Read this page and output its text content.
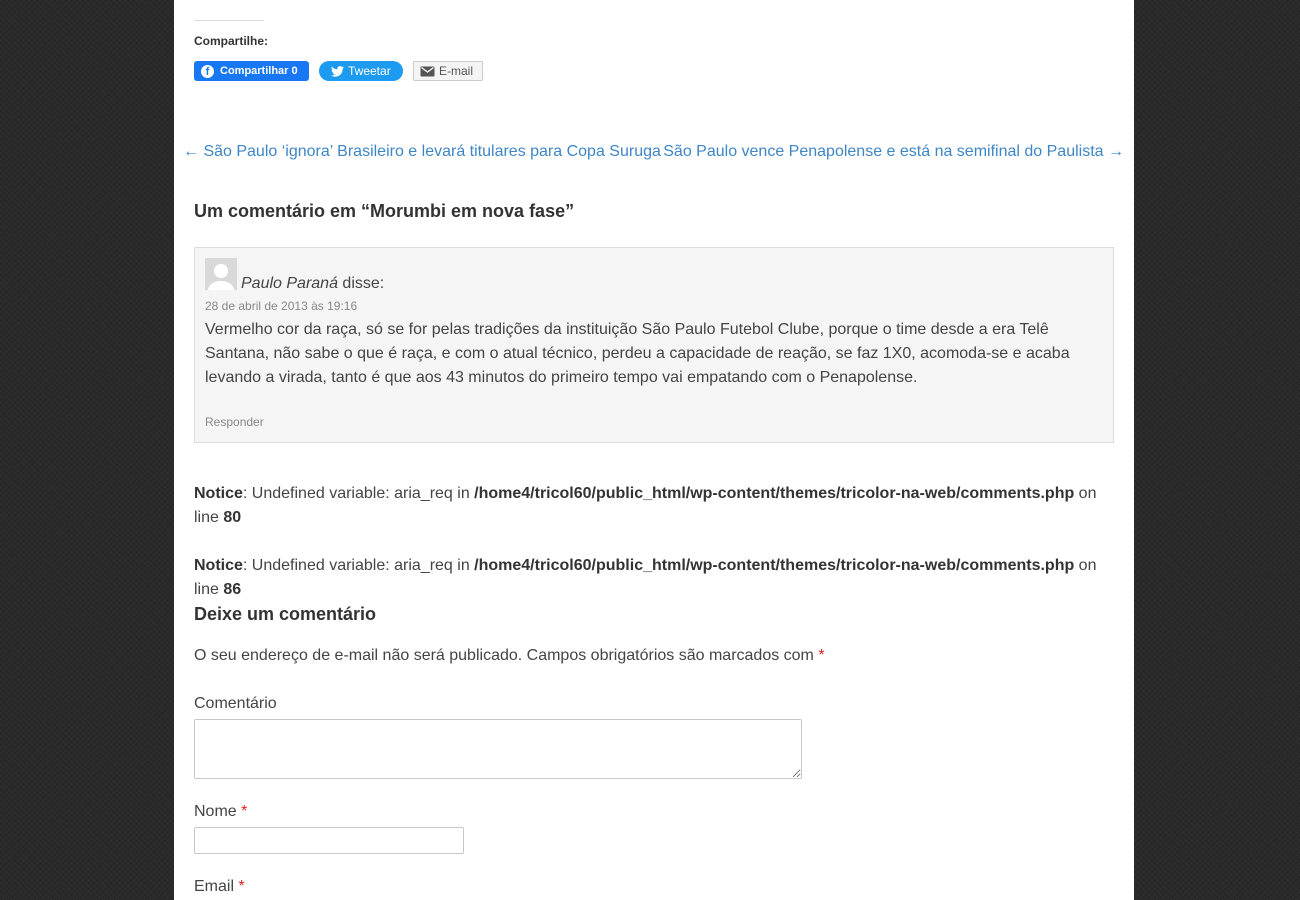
Compartilhe:
f Compartilhar 0	Tweetar	E-mail
← São Paulo ‘ignora’ Brasileiro e levará titulares para Copa Suruga São Paulo vence Penapolense e está na semifinal do Paulista →
Um comentário em “Morumbi em nova fase”
Paulo Paraná disse:
28 de abril de 2013 às 19:16

Vermelho cor da raça, só se for pelas tradições da instituição São Paulo Futebol Clube, porque o time desde a era Telê Santana, não sabe o que é raça, e com o atual técnico, perdeu a capacidade de reação, se faz 1X0, acomoda-se e acaba levando a virada, tanto é que aos 43 minutos do primeiro tempo vai empatando com o Penapolense.

Responder
Notice: Undefined variable: aria_req in /home4/tricol60/public_html/wp-content/themes/tricolor-na-web/comments.php on line 80
Notice: Undefined variable: aria_req in /home4/tricol60/public_html/wp-content/themes/tricolor-na-web/comments.php on line 86
Deixe um comentário
O seu endereço de e-mail não será publicado. Campos obrigatórios são marcados com *
Comentário
Nome *
Email *
